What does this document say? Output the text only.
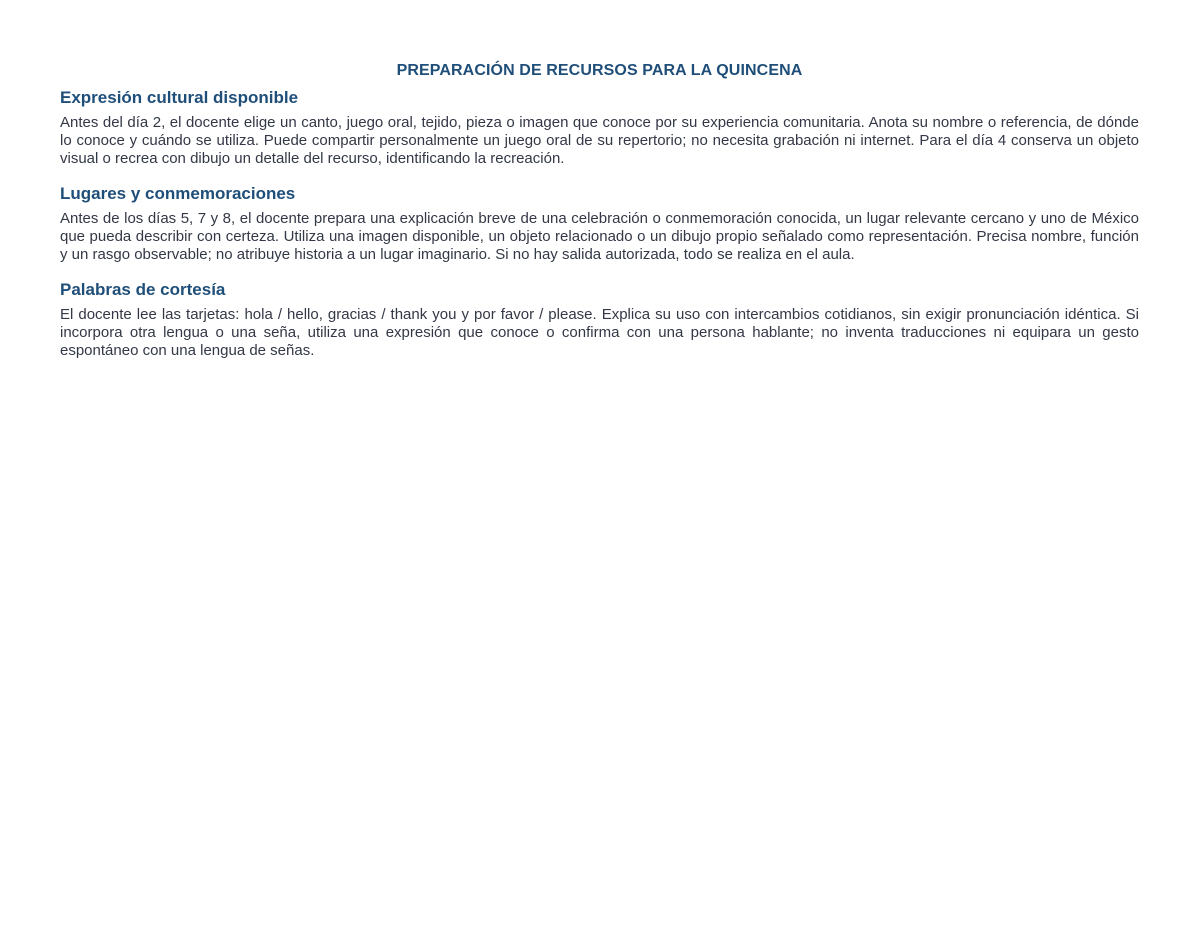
PREPARACIÓN DE RECURSOS PARA LA QUINCENA
Expresión cultural disponible

Antes del día 2, el docente elige un canto, juego oral, tejido, pieza o imagen que conoce por su experiencia comunitaria. Anota su nombre o referencia, de dónde lo conoce y cuándo se utiliza. Puede compartir personalmente un juego oral de su repertorio; no necesita grabación ni internet. Para el día 4 conserva un objeto visual o recrea con dibujo un detalle del recurso, identificando la recreación.

Lugares y conmemoraciones

Antes de los días 5, 7 y 8, el docente prepara una explicación breve de una celebración o conmemoración conocida, un lugar relevante cercano y uno de México que pueda describir con certeza. Utiliza una imagen disponible, un objeto relacionado o un dibujo propio señalado como representación. Precisa nombre, función y un rasgo observable; no atribuye historia a un lugar imaginario. Si no hay salida autorizada, todo se realiza en el aula.

Palabras de cortesía

El docente lee las tarjetas: hola / hello, gracias / thank you y por favor / please. Explica su uso con intercambios cotidianos, sin exigir pronunciación idéntica. Si incorpora otra lengua o una seña, utiliza una expresión que conoce o confirma con una persona hablante; no inventa traducciones ni equipara un gesto espontáneo con una lengua de señas.
